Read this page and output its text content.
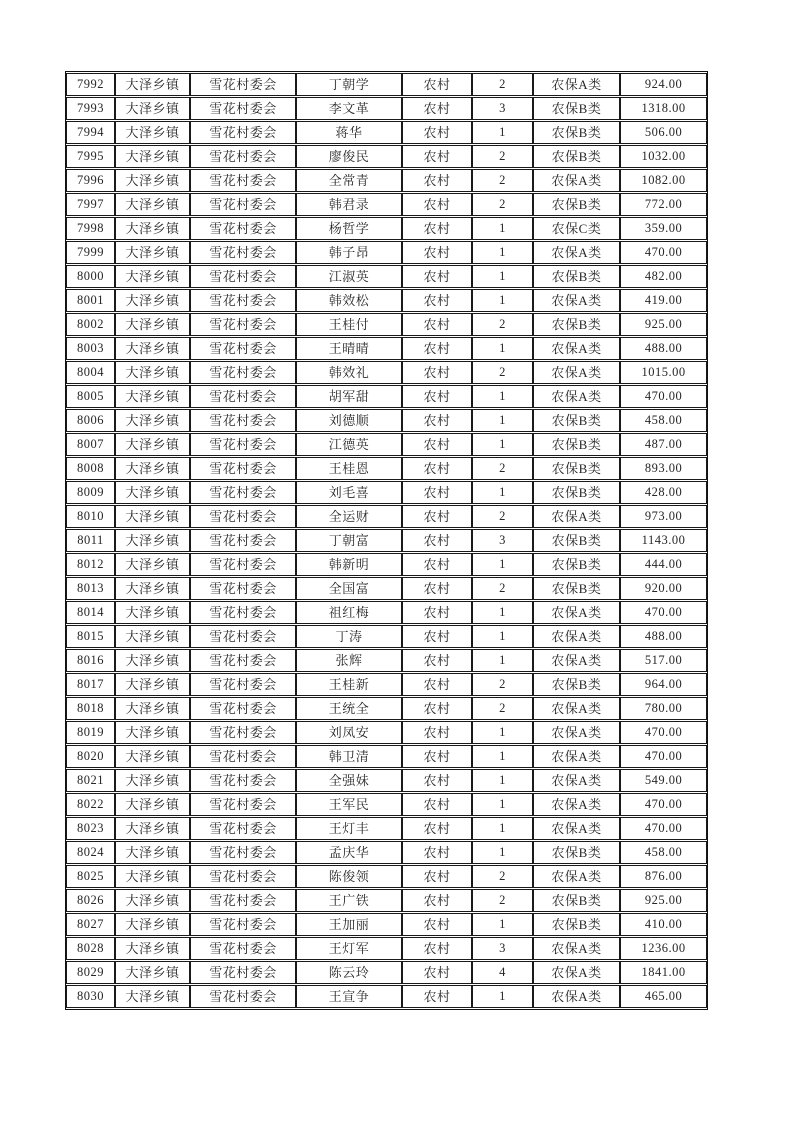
7992	大泽乡镇	雪花村委会	丁朝学	农村	2	农保A类	924.00
7993	大泽乡镇	雪花村委会	李文革	农村	3	农保B类	1318.00
7994	大泽乡镇	雪花村委会	蒋华	农村	1	农保B类	506.00
7995	大泽乡镇	雪花村委会	廖俊民	农村	2	农保B类	1032.00
7996	大泽乡镇	雪花村委会	全常青	农村	2	农保A类	1082.00
7997	大泽乡镇	雪花村委会	韩君录	农村	2	农保B类	772.00
7998	大泽乡镇	雪花村委会	杨哲学	农村	1	农保C类	359.00
7999	大泽乡镇	雪花村委会	韩子昂	农村	1	农保A类	470.00
8000	大泽乡镇	雪花村委会	江淑英	农村	1	农保B类	482.00
8001	大泽乡镇	雪花村委会	韩效松	农村	1	农保A类	419.00
8002	大泽乡镇	雪花村委会	王桂付	农村	2	农保B类	925.00
8003	大泽乡镇	雪花村委会	王晴晴	农村	1	农保A类	488.00
8004	大泽乡镇	雪花村委会	韩效礼	农村	2	农保A类	1015.00
8005	大泽乡镇	雪花村委会	胡军甜	农村	1	农保A类	470.00
8006	大泽乡镇	雪花村委会	刘德顺	农村	1	农保B类	458.00
8007	大泽乡镇	雪花村委会	江德英	农村	1	农保B类	487.00
8008	大泽乡镇	雪花村委会	王桂恩	农村	2	农保B类	893.00
8009	大泽乡镇	雪花村委会	刘毛喜	农村	1	农保B类	428.00
8010	大泽乡镇	雪花村委会	全运财	农村	2	农保A类	973.00
8011	大泽乡镇	雪花村委会	丁朝富	农村	3	农保B类	1143.00
8012	大泽乡镇	雪花村委会	韩新明	农村	1	农保B类	444.00
8013	大泽乡镇	雪花村委会	全国富	农村	2	农保B类	920.00
8014	大泽乡镇	雪花村委会	祖红梅	农村	1	农保A类	470.00
8015	大泽乡镇	雪花村委会	丁涛	农村	1	农保A类	488.00
8016	大泽乡镇	雪花村委会	张辉	农村	1	农保A类	517.00
8017	大泽乡镇	雪花村委会	王桂新	农村	2	农保B类	964.00
8018	大泽乡镇	雪花村委会	王统全	农村	2	农保A类	780.00
8019	大泽乡镇	雪花村委会	刘凤安	农村	1	农保A类	470.00
8020	大泽乡镇	雪花村委会	韩卫清	农村	1	农保A类	470.00
8021	大泽乡镇	雪花村委会	全强妹	农村	1	农保A类	549.00
8022	大泽乡镇	雪花村委会	王军民	农村	1	农保A类	470.00
8023	大泽乡镇	雪花村委会	王灯丰	农村	1	农保A类	470.00
8024	大泽乡镇	雪花村委会	孟庆华	农村	1	农保B类	458.00
8025	大泽乡镇	雪花村委会	陈俊领	农村	2	农保A类	876.00
8026	大泽乡镇	雪花村委会	王广铁	农村	2	农保B类	925.00
8027	大泽乡镇	雪花村委会	王加丽	农村	1	农保B类	410.00
8028	大泽乡镇	雪花村委会	王灯军	农村	3	农保A类	1236.00
8029	大泽乡镇	雪花村委会	陈云玲	农村	4	农保A类	1841.00
8030	大泽乡镇	雪花村委会	王宣争	农村	1	农保A类	465.00
